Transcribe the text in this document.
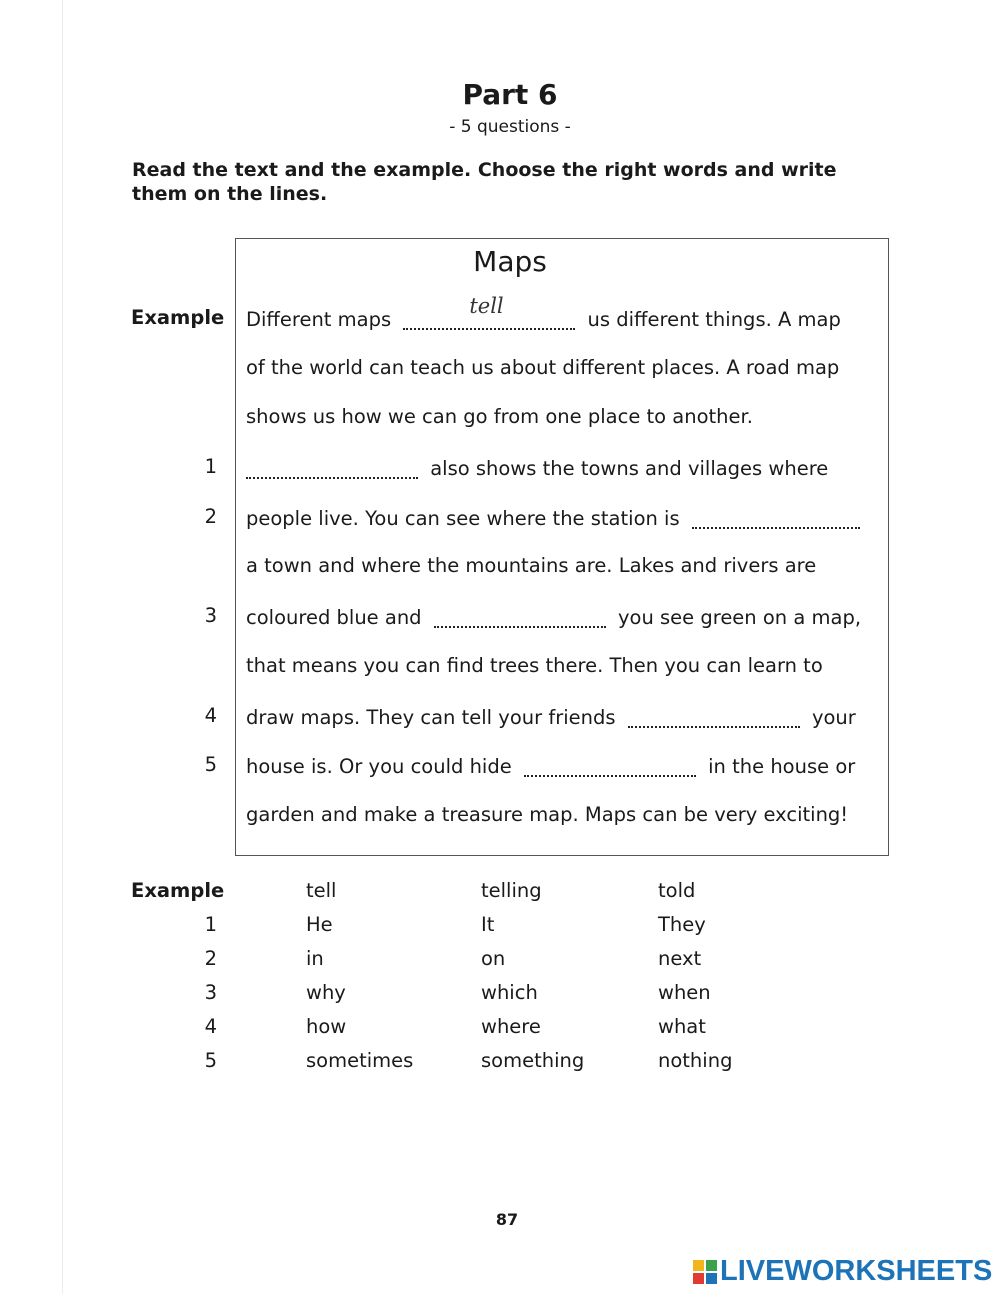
Part 6
- 5 questions -
Read the text and the example. Choose the right words and write them on the lines.
Maps
Example Different maps
tell
us different things. A map
of the world can teach us about different places. A road map
shows us how we can go from one place to another.
1	also shows the towns and villages where
2 people live. You can see where the station is
a town and where the mountains are. Lakes and rivers are
3 coloured blue and	you see green on a map,
that means you can find trees there. Then you can learn to
4 draw maps. They can tell your friends	your
5 house is. Or you could hide	in the house or
garden and make a treasure map. Maps can be very exciting!
Example	tell	telling	told
1	He	It	They
2	in	on	next
3	why	which	when
4	how	where	what
5	sometimes	something	nothing
87
LIVEWORKSHEETS
